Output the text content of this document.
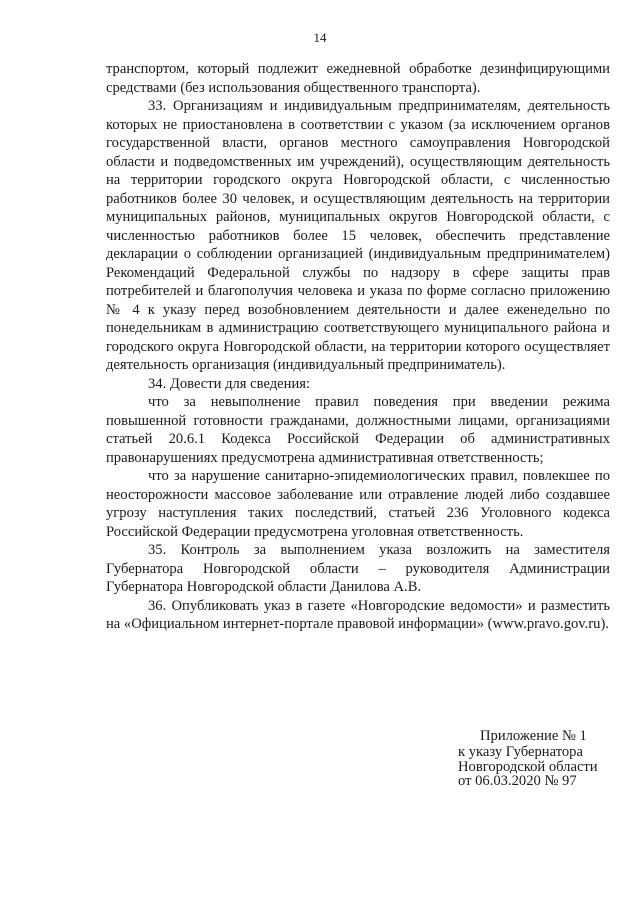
14

транспортом, который подлежит ежедневной обработке дезинфицирующими средствами (без использования общественного транспорта).

33. Организациям и индивидуальным предпринимателям, деятельность которых не приостановлена в соответствии с указом (за исключением органов государственной власти, органов местного самоуправления Новгородской области и подведомственных им учреждений), осуществляющим деятельность на территории городского округа Новгородской области, с численностью работников более 30 человек, и осуществляющим деятельность на территории муниципальных районов, муниципальных округов Новгородской области, с численностью работников более 15 человек, обеспечить представление декларации о соблюдении организацией (индивидуальным предпринимателем) Рекомендаций Федеральной службы по надзору в сфере защиты прав потребителей и благополучия человека и указа по форме согласно приложению № 4 к указу перед возобновлением деятельности и далее еженедельно по понедельникам в администрацию соответствующего муниципального района и городского округа Новгородской области, на территории которого осуществляет деятельность организация (индивидуальный предприниматель).

34. Довести для сведения:

что за невыполнение правил поведения при введении режима повышенной готовности гражданами, должностными лицами, организациями статьей 20.6.1 Кодекса Российской Федерации об административных правонарушениях предусмотрена административная ответственность;

что за нарушение санитарно-эпидемиологических правил, повлекшее по неосторожности массовое заболевание или отравление людей либо создавшее угрозу наступления таких последствий, статьей 236 Уголовного кодекса Российской Федерации предусмотрена уголовная ответственность.

35. Контроль за выполнением указа возложить на заместителя Губернатора Новгородской области – руководителя Администрации Губернатора Новгородской области Данилова А.В.

36. Опубликовать указ в газете «Новгородские ведомости» и разместить на «Официальном интернет-портале правовой информации» (www.pravo.gov.ru).

Приложение № 1
к указу Губернатора
Новгородской области
от 06.03.2020 № 97
